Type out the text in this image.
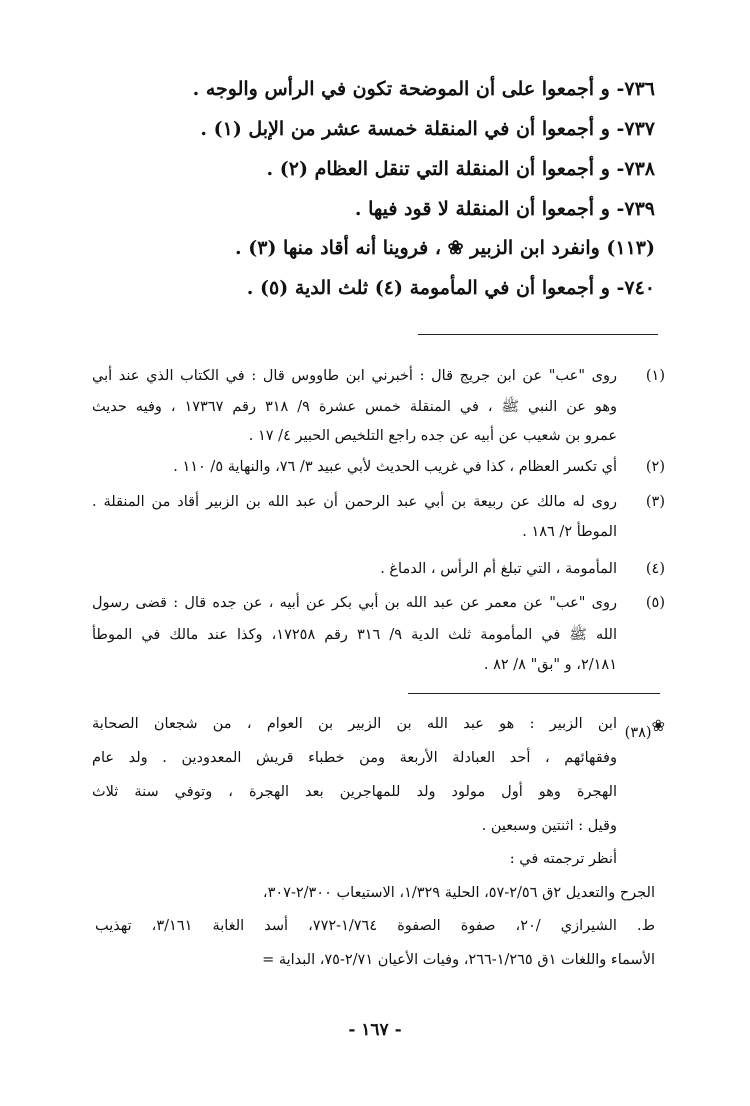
٧٣٦- و أجمعوا على أن الموضحة تكون في الرأس والوجه .
٧٣٧- و أجمعوا أن في المنقلة خمسة عشر من الإبل (١) .
٧٣٨- و أجمعوا أن المنقلة التي تنقل العظام (٢) .
٧٣٩- و أجمعوا أن المنقلة لا قود فيها .
(١١٣) وانفرد ابن الزبير ❀ ، فروينا أنه أقاد منها (٣) .
٧٤٠- و أجمعوا أن في المأمومة (٤) ثلث الدية (٥) .
(١)
روى "عب" عن ابن جريج قال : أخبرني ابن طاووس قال : في الكتاب الذي عند أبي
وهو عن النبي ﷺ ، في المنقلة خمس عشرة ٩/ ٣١٨ رقم ١٧٣٦٧ ، وفيه حديث
عمرو بن شعيب عن أبيه عن جده راجع التلخيص الحبير ٤/ ١٧ .
(٢)
أي تكسر العظام ، كذا في غريب الحديث لأبي عبيد ٣/ ٧٦، والنهاية ٥/ ١١٠ .
(٣)
روى له مالك عن ربيعة بن أبي عبد الرحمن أن عبد الله بن الزبير أقاد من المنقلة .
الموطأ ٢/ ١٨٦ .
(٤)
المأمومة ، التي تبلغ أم الرأس ، الدماغ .
(٥)
روى "عب" عن معمر عن عبد الله بن أبي بكر عن أبيه ، عن جده قال : قضى رسول
الله ﷺ في المأمومة ثلث الدية ٩/ ٣١٦ رقم ١٧٢٥٨، وكذا عند مالك في الموطأ
٢/١٨١، و "بق" ٨/ ٨٢ .
❀(٣٨)
ابن الزبير : هو عبد الله بن الزبير بن العوام ، من شجعان الصحابة
وفقهائهم ، أحد العبادلة الأربعة ومن خطباء قريش المعدودين . ولد عام
الهجرة وهو أول مولود ولد للمهاجرين بعد الهجرة ، وتوفي سنة ثلاث
وقيل : اثنتين وسبعين .
أنظر ترجمته في :
الجرح والتعديل ٢ق ٢/٥٦-٥٧، الحلية ١/٣٢٩، الاستيعاب ٢/٣٠٠-٣٠٧،
ط. الشيرازي /٢٠، صفوة الصفوة ١/٧٦٤-٧٧٢، أسد الغابة ٣/١٦١، تهذيب
الأسماء واللغات ١ق ١/٢٦٥-٢٦٦، وفيات الأعيان ٢/٧١-٧٥، البداية =
- ١٦٧ -
